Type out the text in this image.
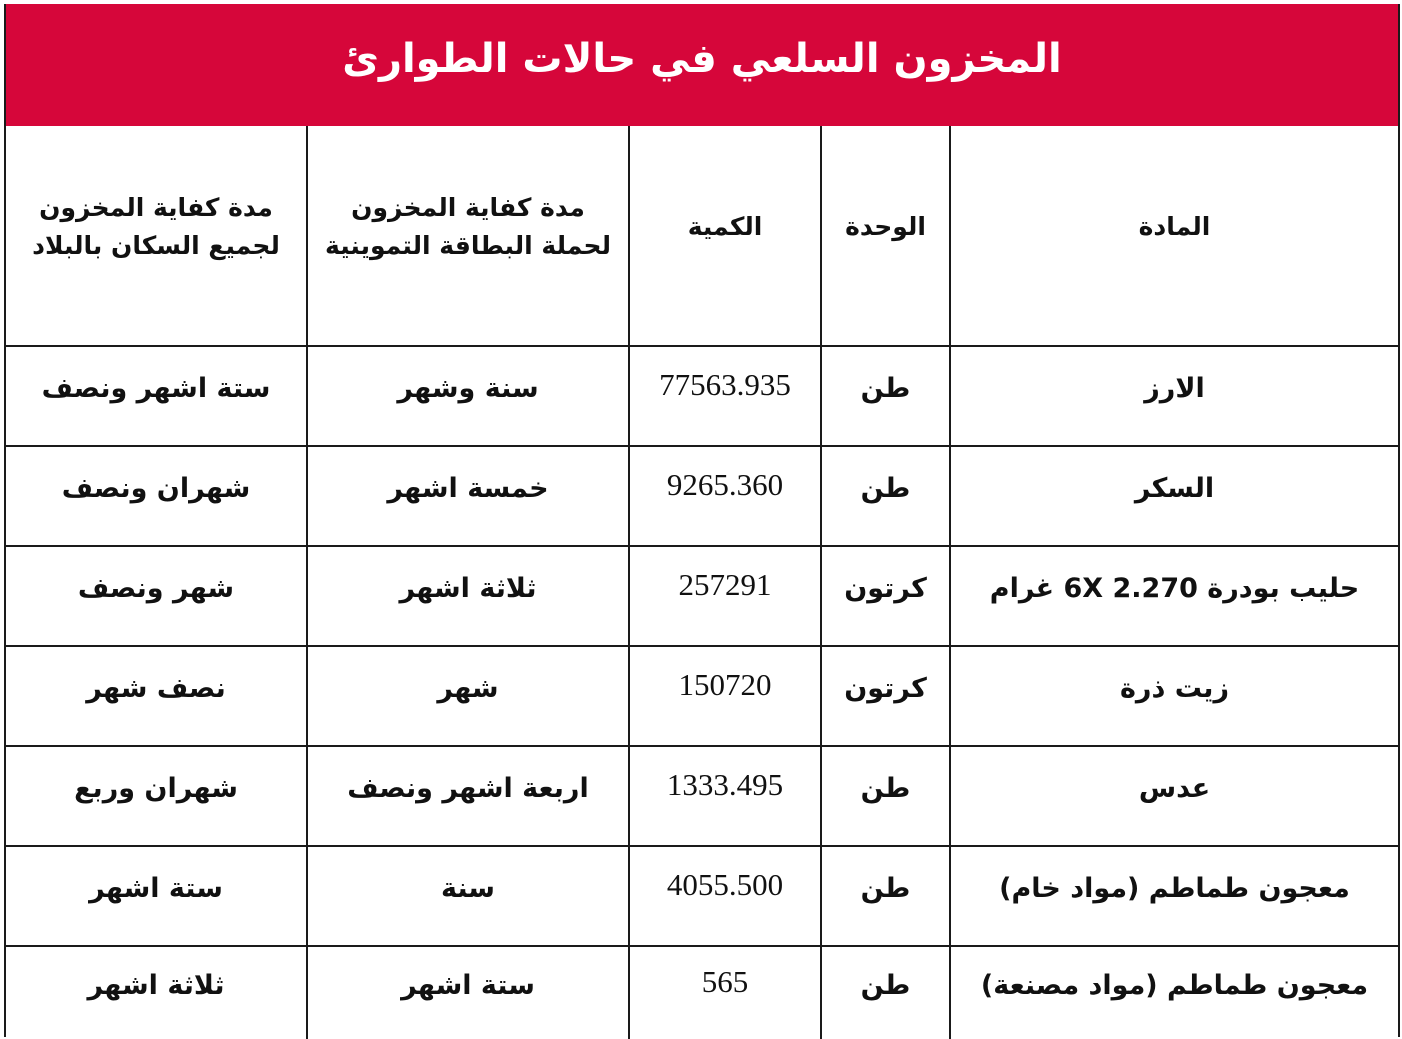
المخزون السلعي في حالات الطوارئ
المادة	الوحدة	الكمية	مدة كفاية المخزون لحملة البطاقة التموينية	مدة كفاية المخزون لجميع السكان بالبلاد
الارز	طن	77563.935	سنة وشهر	ستة اشهر ونصف
السكر	طن	9265.360	خمسة اشهر	شهران ونصف
حليب بودرة 6X 2.270 غرام	كرتون	257291	ثلاثة اشهر	شهر ونصف
زيت ذرة	كرتون	150720	شهر	نصف شهر
عدس	طن	1333.495	اربعة اشهر ونصف	شهران وربع
معجون طماطم (مواد خام)	طن	4055.500	سنة	ستة اشهر
معجون طماطم (مواد مصنعة)	طن	565	ستة اشهر	ثلاثة اشهر
